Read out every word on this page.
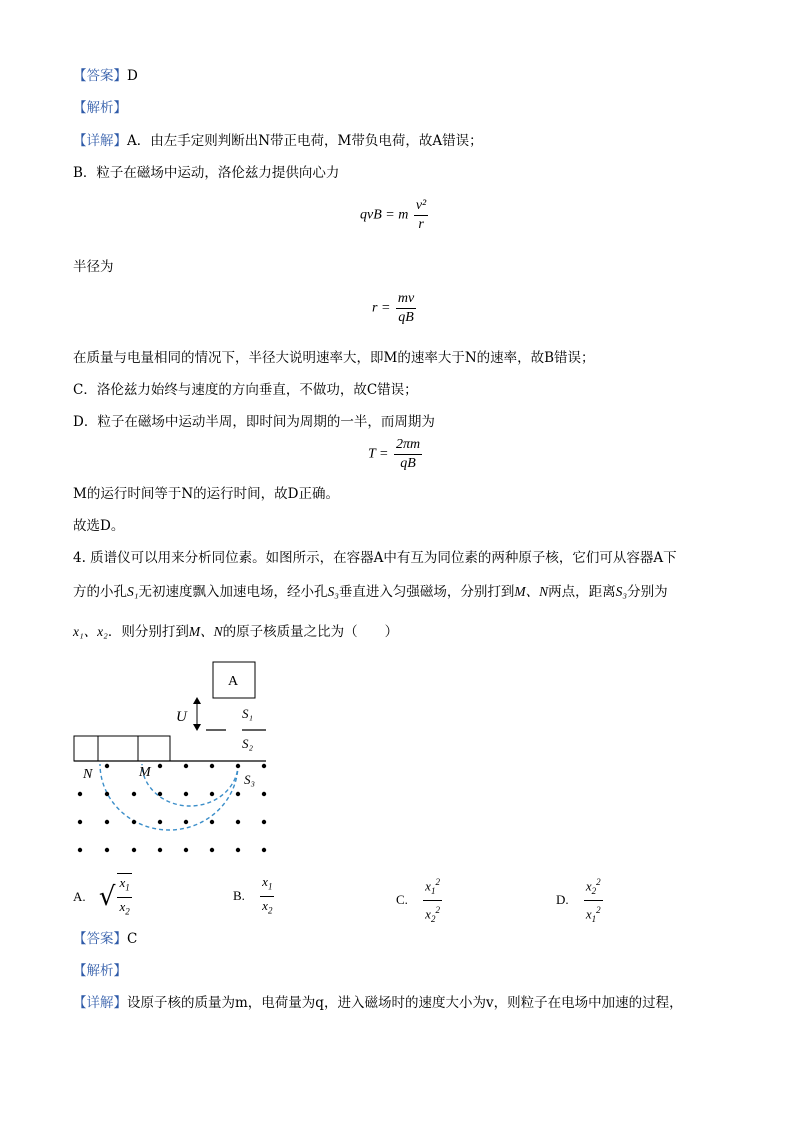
【答案】D
【解析】
【详解】A．由左手定则判断出N带正电荷，M带负电荷，故A错误；
B．粒子在磁场中运动，洛伦兹力提供向心力
qvB = m $\frac{\text{v²}}{r}$
半径为
$r = \frac{mv}{qB}$
在质量与电量相同的情况下，半径大说明速率大，即M的速率大于N的速率，故B错误；
C．洛伦兹力始终与速度的方向垂直，不做功，故C错误；
D．粒子在磁场中运动半周，即时间为周期的一半，而周期为
$T = \frac{2\pi m}{qB}$
M的运行时间等于N的运行时间，故D正确。
故选D。
4. 质谱仪可以用来分析同位素。如图所示，在容器A中有互为同位素的两种原子核，它们可从容器A下
方的小孔S₁无初速度飘入加速电场，经小孔S₃垂直进入匀强磁场，分别打到M、N两点，距离S₃分别为
x₁、x₂．则分别打到M、N的原子核质量之比为（　　）
A
U	S₁
S₂
S₃
N	M
A. √ $\frac{x_1}{x_2}$	B. $\frac{x_1}{x_2}$	C. $\frac{x_1^2}{x_2^2}$	D. $\frac{x_2^2}{x_1^2}$
【答案】C
【解析】
【详解】设原子核的质量为m，电荷量为q，进入磁场时的速度大小为v，则粒子在电场中加速的过程，
